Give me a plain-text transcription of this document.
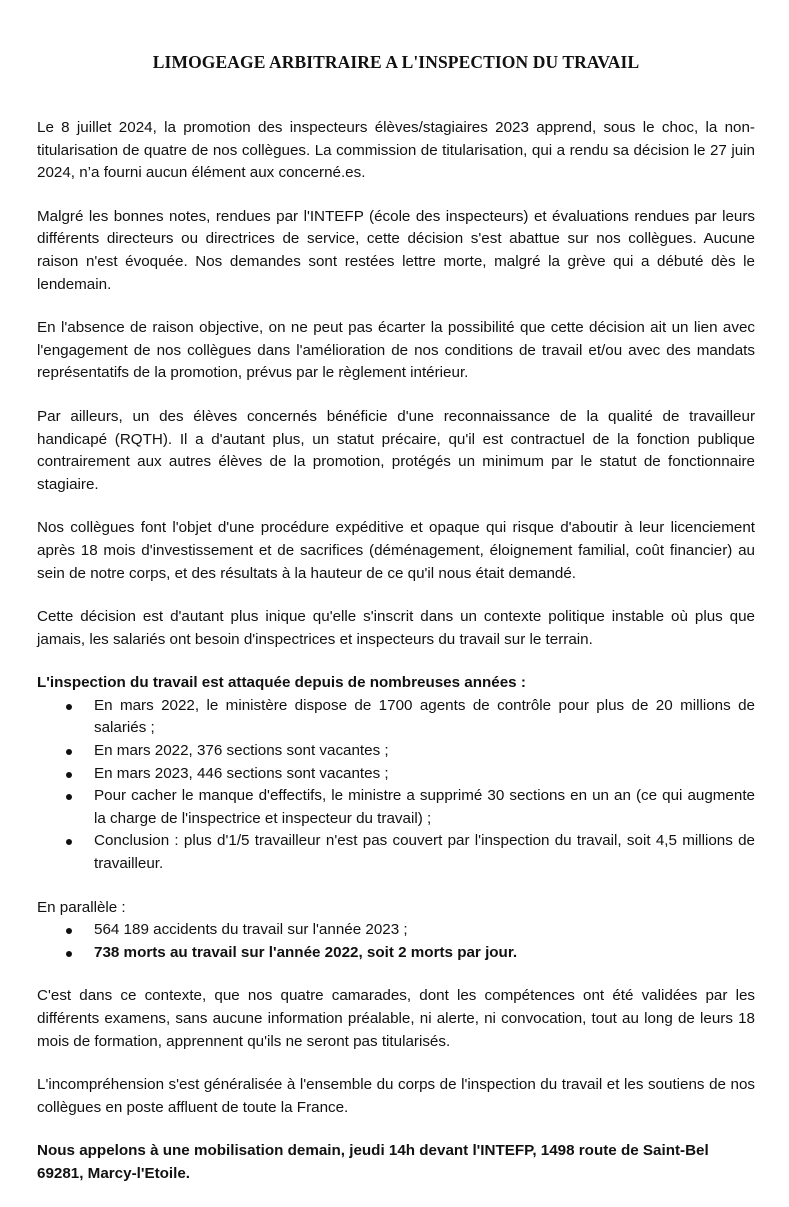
LIMOGEAGE ARBITRAIRE A L'INSPECTION DU TRAVAIL

Le 8 juillet 2024, la promotion des inspecteurs élèves/stagiaires 2023 apprend, sous le choc, la non-titularisation de quatre de nos collègues. La commission de titularisation, qui a rendu sa décision le 27 juin 2024, n’a fourni aucun élément aux concerné.es.

Malgré les bonnes notes, rendues par l'INTEFP (école des inspecteurs) et évaluations rendues par leurs différents directeurs ou directrices de service, cette décision s'est abattue sur nos collègues. Aucune raison n'est évoquée. Nos demandes sont restées lettre morte, malgré la grève qui a débuté dès le lendemain.

En l'absence de raison objective, on ne peut pas écarter la possibilité que cette décision ait un lien avec l'engagement de nos collègues dans l'amélioration de nos conditions de travail et/ou avec des mandats représentatifs de la promotion, prévus par le règlement intérieur.

Par ailleurs, un des élèves concernés bénéficie d'une reconnaissance de la qualité de travailleur handicapé (RQTH). Il a d'autant plus, un statut précaire, qu'il est contractuel de la fonction publique contrairement aux autres élèves de la promotion, protégés un minimum par le statut de fonctionnaire stagiaire.

Nos collègues font l'objet d'une procédure expéditive et opaque qui risque d'aboutir à leur licenciement après 18 mois d'investissement et de sacrifices (déménagement, éloignement familial, coût financier) au sein de notre corps, et des résultats à la hauteur de ce qu'il nous était demandé.

Cette décision est d'autant plus inique qu'elle s'inscrit dans un contexte politique instable où plus que jamais, les salariés ont besoin d'inspectrices et inspecteurs du travail sur le terrain.

L'inspection du travail est attaquée depuis de nombreuses années :

En mars 2022, le ministère dispose de 1700 agents de contrôle pour plus de 20 millions de salariés ;
En mars 2022, 376 sections sont vacantes ;
En mars 2023, 446 sections sont vacantes ;
Pour cacher le manque d'effectifs, le ministre a supprimé 30 sections en un an (ce qui augmente la charge de l'inspectrice et inspecteur du travail) ;
Conclusion : plus d'1/5 travailleur n'est pas couvert par l'inspection du travail, soit 4,5 millions de travailleur.

En parallèle :

564 189 accidents du travail sur l'année 2023 ;
738 morts au travail sur l'année 2022, soit 2 morts par jour.

C'est dans ce contexte, que nos quatre camarades, dont les compétences ont été validées par les différents examens, sans aucune information préalable, ni alerte, ni convocation, tout au long de leurs 18 mois de formation, apprennent qu'ils ne seront pas titularisés.

L'incompréhension s'est généralisée à l'ensemble du corps de l'inspection du travail et les soutiens de nos collègues en poste affluent de toute la France.

Nous appelons à une mobilisation demain, jeudi 14h devant l'INTEFP, 1498 route de Saint-Bel 69281, Marcy-l'Etoile.
